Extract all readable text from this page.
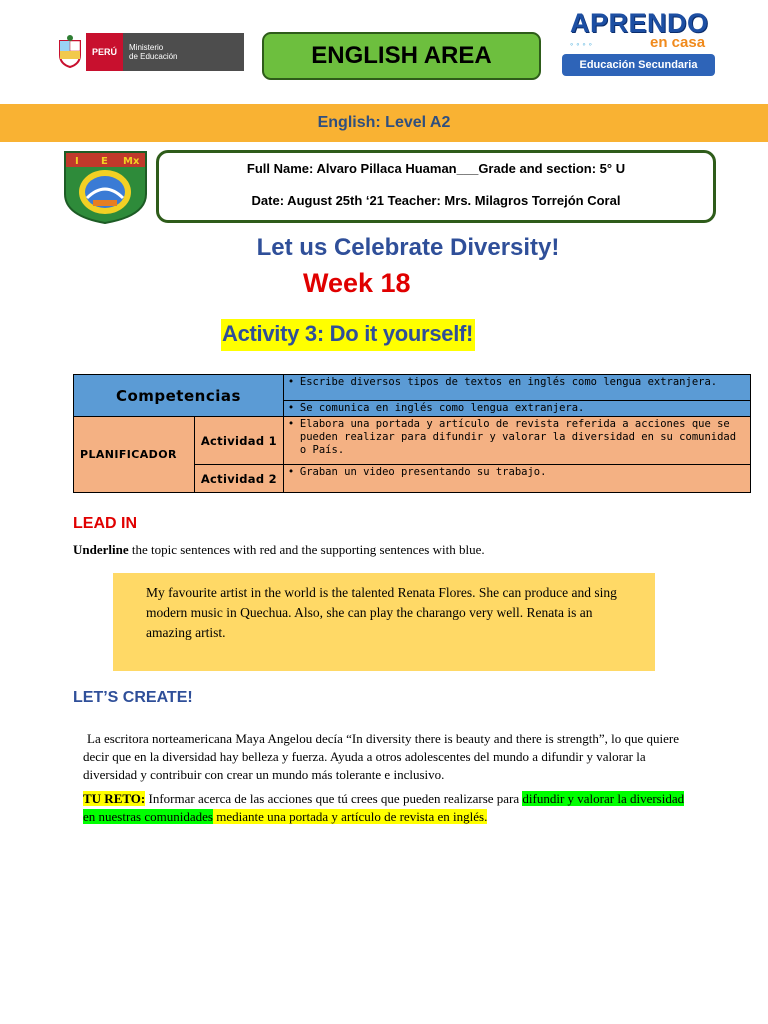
PERÚ	Ministerio
de Educación	ENGLISH AREA
APRENDO
◦◦◦◦	en casa
Educación Secundaria
English: Level A2
I E Mx	Full Name: Alvaro Pillaca Huaman___Grade and section: 5° U
Date: August 25th ‘21 Teacher: Mrs. Milagros Torrejón Coral
Let us Celebrate Diversity!
Week 18
Activity 3: Do it yourself!
Competencias		• Escribe diversos tipos de textos en inglés como lengua extranjera.

		• Se comunica en inglés como lengua extranjera.

PLANIFICADOR	Actividad 1	• Elabora una portada y artículo de revista referida a acciones que se pueden realizar para difundir y valorar la diversidad en su comunidad o País.

	Actividad 2	• Graban un video presentando su trabajo.
LEAD IN
Underline the topic sentences with red and the supporting sentences with blue.
My favourite artist in the world is the talented Renata Flores. She can produce and sing modern music in Quechua. Also, she can play the charango very well. Renata is an amazing artist.
LET’S CREATE!
La escritora norteamericana Maya Angelou decía “In diversity there is beauty and there is strength”, lo que quiere decir que en la diversidad hay belleza y fuerza. Ayuda a otros adolescentes del mundo a difundir y valorar la diversidad y contribuir con crear un mundo más tolerante e inclusivo.
TU RETO: Informar acerca de las acciones que tú crees que pueden realizarse para difundir y valorar la diversidad en nuestras comunidades mediante una portada y artículo de revista en inglés.
